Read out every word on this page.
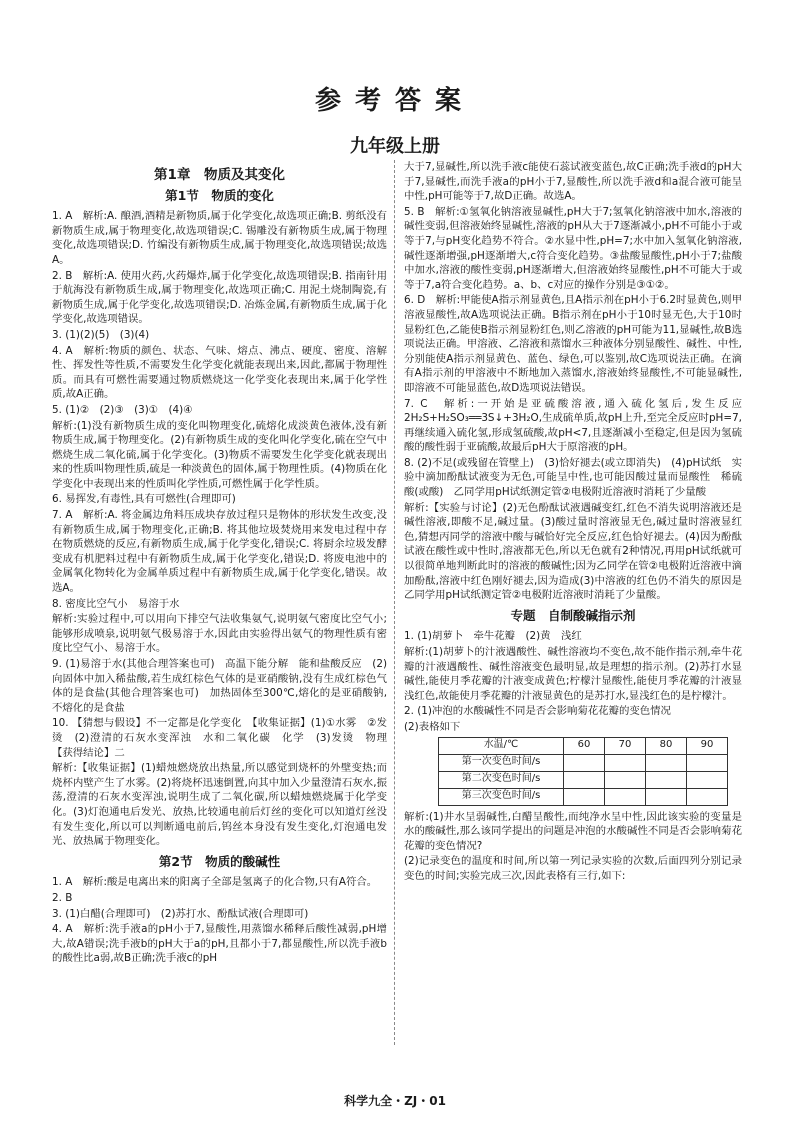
参考答案
九年级上册
第1章　物质及其变化
第1节　物质的变化

1. A　解析:A. 酿酒,酒精是新物质,属于化学变化,故选项正确;B. 剪纸没有新物质生成,属于物理变化,故选项错误;C. 锡雕没有新物质生成,属于物理变化,故选项错误;D. 竹编没有新物质生成,属于物理变化,故选项错误;故选A。

2. B　解析:A. 使用火药,火药爆炸,属于化学变化,故选项错误;B. 指南针用于航海没有新物质生成,属于物理变化,故选项正确;C. 用泥土烧制陶瓷,有新物质生成,属于化学变化,故选项错误;D. 冶炼金属,有新物质生成,属于化学变化,故选项错误。

3. (1)(2)(5)　(3)(4)

4. A　解析:物质的颜色、状态、气味、熔点、沸点、硬度、密度、溶解性、挥发性等性质,不需要发生化学变化就能表现出来,因此,都属于物理性质。而具有可燃性需要通过物质燃烧这一化学变化表现出来,属于化学性质,故A正确。

5. (1)②　(2)③　(3)①　(4)④

解析:(1)没有新物质生成的变化叫物理变化,硫熔化成淡黄色液体,没有新物质生成,属于物理变化。(2)有新物质生成的变化叫化学变化,硫在空气中燃烧生成二氧化硫,属于化学变化。(3)物质不需要发生化学变化就表现出来的性质叫物理性质,硫是一种淡黄色的固体,属于物理性质。(4)物质在化学变化中表现出来的性质叫化学性质,可燃性属于化学性质。

6. 易挥发,有毒性,具有可燃性(合理即可)

7. A　解析:A. 将金属边角料压成块存放过程只是物体的形状发生改变,没有新物质生成,属于物理变化,正确;B. 将其他垃圾焚烧用来发电过程中存在物质燃烧的反应,有新物质生成,属于化学变化,错误;C. 将厨余垃圾发酵变成有机肥料过程中有新物质生成,属于化学变化,错误;D. 将废电池中的金属氧化物转化为金属单质过程中有新物质生成,属于化学变化,错误。故选A。

8. 密度比空气小　易溶于水

解析:实验过程中,可以用向下排空气法收集氨气,说明氨气密度比空气小;能够形成喷泉,说明氨气极易溶于水,因此由实验得出氨气的物理性质有密度比空气小、易溶于水。

9. (1)易溶于水(其他合理答案也可)　高温下能分解　能和盐酸反应　(2)向固体中加入稀盐酸,若生成红棕色气体的是亚硝酸钠,没有生成红棕色气体的是食盐(其他合理答案也可)　加热固体至300℃,熔化的是亚硝酸钠,不熔化的是食盐

10. 【猜想与假设】不一定都是化学变化　【收集证据】(1)①水雾　②发烫　(2)澄清的石灰水变浑浊　水和二氧化碳　化学　(3)发烫　物理　【获得结论】二

解析:【收集证据】(1)蜡烛燃烧放出热量,所以感觉到烧杯的外壁变热;而烧杯内壁产生了水雾。(2)将烧杯迅速倒置,向其中加入少量澄清石灰水,振荡,澄清的石灰水变浑浊,说明生成了二氧化碳,所以蜡烛燃烧属于化学变化。(3)灯泡通电后发光、放热,比较通电前后灯丝的变化可以知道灯丝没有发生变化,所以可以判断通电前后,钨丝本身没有发生变化,灯泡通电发光、放热属于物理变化。

第2节　物质的酸碱性

1. A　解析:酸是电离出来的阳离子全部是氢离子的化合物,只有A符合。

2. B

3. (1)白醋(合理即可)　(2)苏打水、酚酞试液(合理即可)

4. A　解析:洗手液a的pH小于7,显酸性,用蒸馏水稀释后酸性减弱,pH增大,故A错误;洗手液b的pH大于a的pH,且都小于7,都显酸性,所以洗手液b的酸性比a弱,故B正确;洗手液c的pH

大于7,显碱性,所以洗手液c能使石蕊试液变蓝色,故C正确;洗手液d的pH大于7,显碱性,而洗手液a的pH小于7,显酸性,所以洗手液d和a混合液可能呈中性,pH可能等于7,故D正确。故选A。

5. B　解析:①氢氧化钠溶液显碱性,pH大于7;氢氧化钠溶液中加水,溶液的碱性变弱,但溶液始终显碱性,溶液的pH从大于7逐渐减小,pH不可能小于或等于7,与pH变化趋势不符合。②水显中性,pH=7;水中加入氢氧化钠溶液,碱性逐渐增强,pH逐渐增大,c符合变化趋势。③盐酸显酸性,pH小于7;盐酸中加水,溶液的酸性变弱,pH逐渐增大,但溶液始终显酸性,pH不可能大于或等于7,a符合变化趋势。a、b、c对应的操作分别是③①②。

6. D　解析:甲能使A指示剂显黄色,且A指示剂在pH小于6.2时显黄色,则甲溶液显酸性,故A选项说法正确。B指示剂在pH小于10时显无色,大于10时显粉红色,乙能使B指示剂显粉红色,则乙溶液的pH可能为11,显碱性,故B选项说法正确。甲溶液、乙溶液和蒸馏水三种液体分别显酸性、碱性、中性,分别能使A指示剂显黄色、蓝色、绿色,可以鉴别,故C选项说法正确。在滴有A指示剂的甲溶液中不断地加入蒸馏水,溶液始终显酸性,不可能显碱性,即溶液不可能显蓝色,故D选项说法错误。

7. C　解析:一开始是亚硫酸溶液,通入硫化氢后,发生反应2H₂S+H₂SO₃══3S↓+3H₂O,生成硫单质,故pH上升,至完全反应时pH=7,再继续通入硫化氢,形成氢硫酸,故pH<7,且逐渐减小至稳定,但是因为氢硫酸的酸性弱于亚硫酸,故最后pH大于原溶液的pH。

8. (2)不足(或残留在管壁上)　(3)恰好褪去(或立即消失)　(4)pH试纸　实验中滴加酚酞试液变为无色,可能呈中性,也可能因酸过量而显酸性　稀硫酸(或酸)　乙同学用pH试纸测定管②电极附近溶液时消耗了少量酸

解析:【实验与讨论】(2)无色酚酞试液遇碱变红,红色不消失说明溶液还是碱性溶液,即酸不足,碱过量。(3)酸过量时溶液显无色,碱过量时溶液显红色,猜想丙同学的溶液中酸与碱恰好完全反应,红色恰好褪去。(4)因为酚酞试液在酸性或中性时,溶液都无色,所以无色就有2种情况,再用pH试纸就可以很简单地判断此时的溶液的酸碱性;因为乙同学在管②电极附近溶液中滴加酚酞,溶液中红色刚好褪去,因为造成(3)中溶液的红色仍不消失的原因是乙同学用pH试纸测定管②电极附近溶液时消耗了少量酸。

专题　自制酸碱指示剂

1. (1)胡萝卜　牵牛花瓣　(2)黄　浅红

解析:(1)胡萝卜的汁液遇酸性、碱性溶液均不变色,故不能作指示剂,牵牛花瓣的汁液遇酸性、碱性溶液变色最明显,故是理想的指示剂。(2)苏打水显碱性,能使月季花瓣的汁液变成黄色;柠檬汁显酸性,能使月季花瓣的汁液显浅红色,故能使月季花瓣的汁液显黄色的是苏打水,显浅红色的是柠檬汁。

2. (1)冲泡的水酸碱性不同是否会影响菊花花瓣的变色情况

(2)表格如下

水温/℃	60	70	80	90
第一次变色时间/s				
第二次变色时间/s				
第三次变色时间/s				

解析:(1)井水呈弱碱性,白醋呈酸性,而纯净水呈中性,因此该实验的变量是水的酸碱性,那么该同学提出的问题是冲泡的水酸碱性不同是否会影响菊花花瓣的变色情况?

(2)记录变色的温度和时间,所以第一列记录实验的次数,后面四列分别记录变色的时间;实验完成三次,因此表格有三行,如下:

科学九全・ZJ・01
